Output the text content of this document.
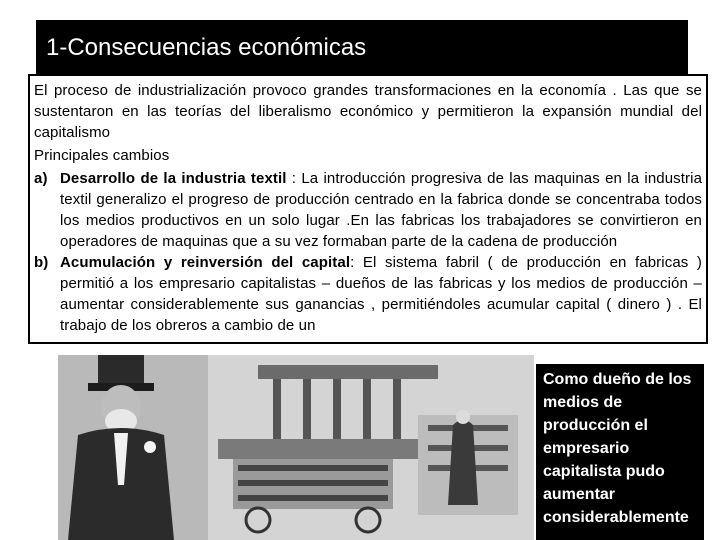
1-Consecuencias económicas
Como dueño de los medios de producción el empresario capitalista pudo aumentar considerablemente

El proceso de industrialización provoco grandes transformaciones en la economía . Las que se sustentaron en las teorías del liberalismo económico y permitieron la expansión mundial del capitalismo

Principales cambios

a) Desarrollo de la industria textil : La introducción progresiva de las maquinas en la industria textil generalizo el progreso de producción centrado en la fabrica donde se concentraba todos los medios productivos en un solo lugar .En las fabricas los trabajadores se convirtieron en operadores de maquinas que a su vez formaban parte de la cadena de producción
b) Acumulación y reinversión del capital: El sistema fabril ( de producción en fabricas ) permitió a los empresario capitalistas – dueños de las fabricas y los medios de producción – aumentar considerablemente sus ganancias , permitiéndoles acumular capital ( dinero ) . El trabajo de los obreros a cambio de un
